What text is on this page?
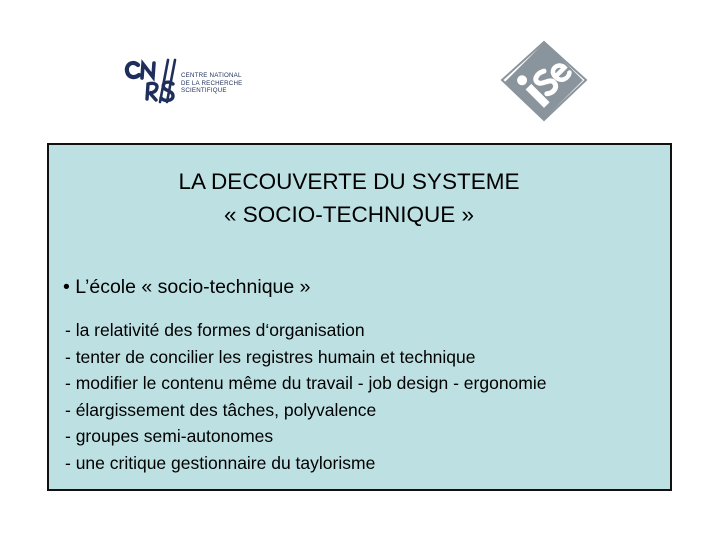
CENTRE NATIONAL
DE LA RECHERCHE
SCIENTIFIQUE
LA DECOUVERTE DU SYSTEME
« SOCIO-TECHNIQUE »
• L’école « socio-technique »
- la relativité des formes d‘organisation
- tenter de concilier les registres humain et technique
- modifier le contenu même du travail - job design - ergonomie
- élargissement des tâches, polyvalence
- groupes semi-autonomes
- une critique gestionnaire du taylorisme
